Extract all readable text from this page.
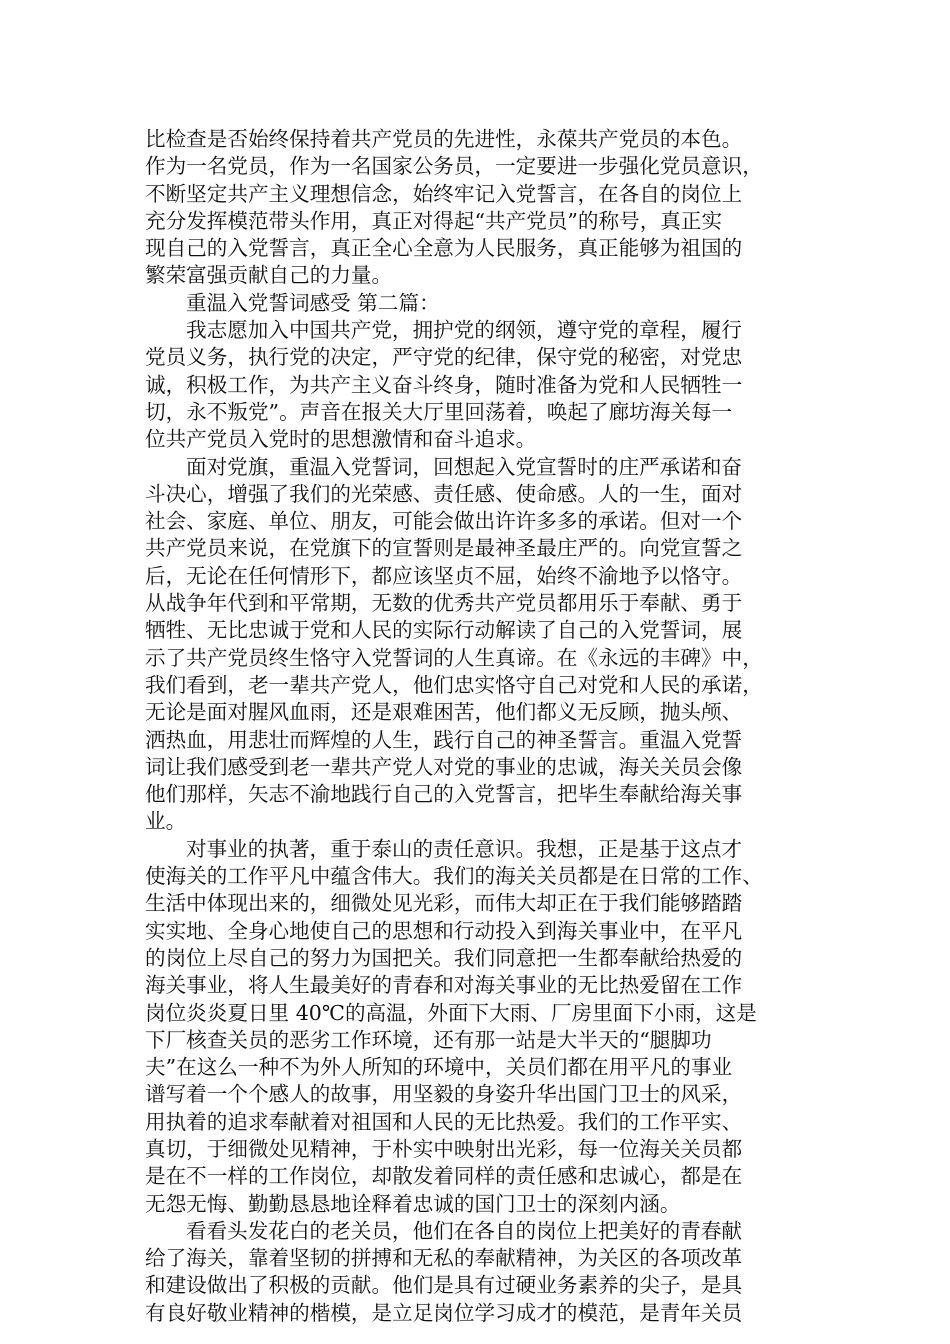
比检查是否始终保持着共产党员的先进性，永葆共产党员的本色。
作为一名党员，作为一名国家公务员，一定要进一步强化党员意识，
不断坚定共产主义理想信念，始终牢记入党誓言，在各自的岗位上
充分发挥模范带头作用，真正对得起“共产党员”的称号，真正实
现自己的入党誓言，真正全心全意为人民服务，真正能够为祖国的
繁荣富强贡献自己的力量。
重温入党誓词感受 第二篇：
我志愿加入中国共产党，拥护党的纲领，遵守党的章程，履行
党员义务，执行党的决定，严守党的纪律，保守党的秘密，对党忠
诚，积极工作，为共产主义奋斗终身，随时准备为党和人民牺牲一
切，永不叛党”。声音在报关大厅里回荡着，唤起了廊坊海关每一
位共产党员入党时的思想激情和奋斗追求。
面对党旗，重温入党誓词，回想起入党宣誓时的庄严承诺和奋
斗决心，增强了我们的光荣感、责任感、使命感。人的一生，面对
社会、家庭、单位、朋友，可能会做出许许多多的承诺。但对一个
共产党员来说，在党旗下的宣誓则是最神圣最庄严的。向党宣誓之
后，无论在任何情形下，都应该坚贞不屈，始终不渝地予以恪守。
从战争年代到和平常期，无数的优秀共产党员都用乐于奉献、勇于
牺牲、无比忠诚于党和人民的实际行动解读了自己的入党誓词，展
示了共产党员终生恪守入党誓词的人生真谛。在《永远的丰碑》中，
我们看到，老一辈共产党人，他们忠实恪守自己对党和人民的承诺，
无论是面对腥风血雨，还是艰难困苦，他们都义无反顾，抛头颅、
洒热血，用悲壮而辉煌的人生，践行自己的神圣誓言。重温入党誓
词让我们感受到老一辈共产党人对党的事业的忠诚，海关关员会像
他们那样，矢志不渝地践行自己的入党誓言，把毕生奉献给海关事
业。
对事业的执著，重于泰山的责任意识。我想，正是基于这点才
使海关的工作平凡中蕴含伟大。我们的海关关员都是在日常的工作、
生活中体现出来的，细微处见光彩，而伟大却正在于我们能够踏踏
实实地、全身心地使自己的思想和行动投入到海关事业中，在平凡
的岗位上尽自己的努力为国把关。我们同意把一生都奉献给热爱的
海关事业，将人生最美好的青春和对海关事业的无比热爱留在工作
岗位炎炎夏日里 40℃的高温，外面下大雨、厂房里面下小雨，这是
下厂核查关员的恶劣工作环境，还有那一站是大半天的“腿脚功
夫”在这么一种不为外人所知的环境中，关员们都在用平凡的事业
谱写着一个个感人的故事，用坚毅的身姿升华出国门卫士的风采，
用执着的追求奉献着对祖国和人民的无比热爱。我们的工作平实、
真切，于细微处见精神，于朴实中映射出光彩，每一位海关关员都
是在不一样的工作岗位，却散发着同样的责任感和忠诚心，都是在
无怨无悔、勤勤恳恳地诠释着忠诚的国门卫士的深刻内涵。
看看头发花白的老关员，他们在各自的岗位上把美好的青春献
给了海关，靠着坚韧的拼搏和无私的奉献精神，为关区的各项改革
和建设做出了积极的贡献。他们是具有过硬业务素养的尖子，是具
有良好敬业精神的楷模，是立足岗位学习成才的模范，是青年关员
